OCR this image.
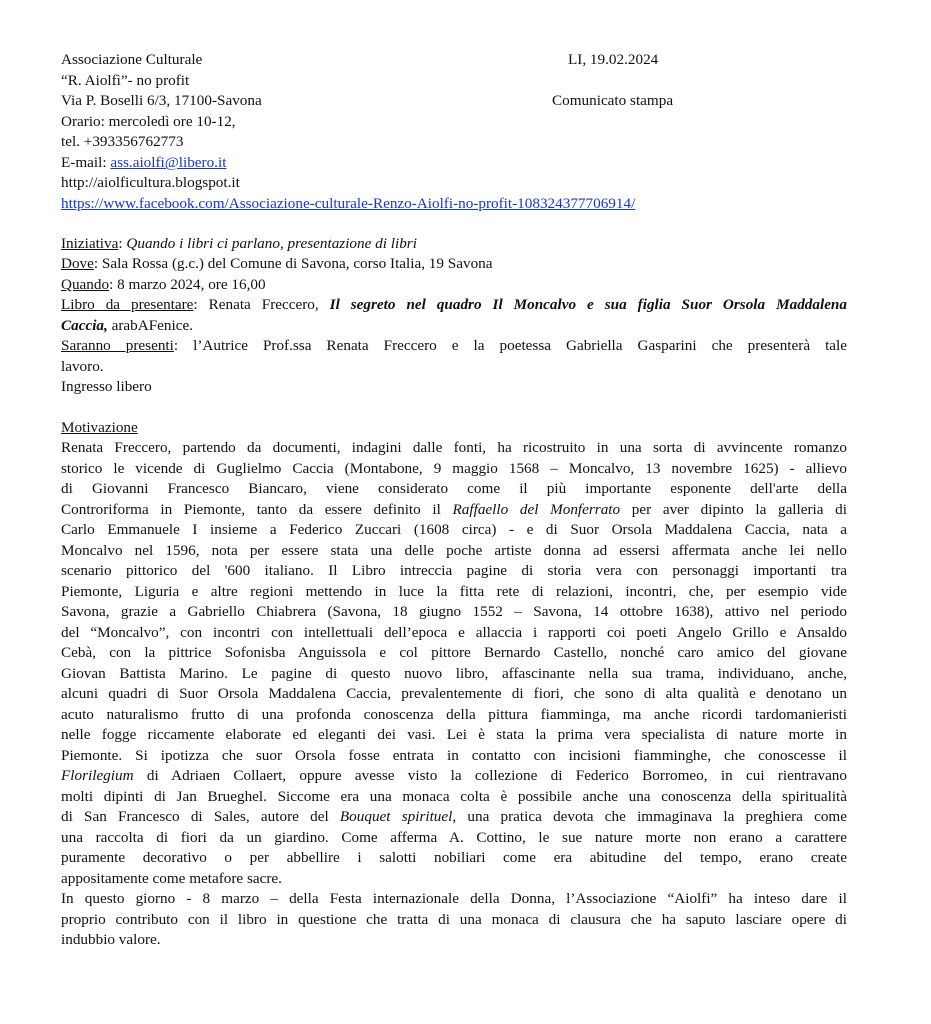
Associazione Culturale
“R. Aiolfì”- no profit
Via P. Boselli 6/3, 17100-Savona
Orario: mercoledì ore 10-12,
tel. +393356762773
E-mail: ass.aiolfi@libero.it
http://aiolficultura.blogspot.it
https://www.facebook.com/Associazione-culturale-Renzo-Aiolfi-no-profit-108324377706914/
LI, 19.02.2024
Comunicato stampa
Iniziativa: Quando i libri ci parlano, presentazione di libri
Dove: Sala Rossa (g.c.) del Comune di Savona, corso Italia, 19 Savona
Quando: 8 marzo 2024, ore 16,00
Libro da presentare: Renata Freccero, Il segreto nel quadro Il Moncalvo e sua figlia Suor Orsola Maddalena
Caccia, arabAFenice.
Saranno presenti: l’Autrice Prof.ssa Renata Freccero e la poetessa Gabriella Gasparini che presenterà tale
lavoro.
Ingresso libero
Motivazione
Renata Freccero, partendo da documenti, indagini dalle fonti, ha ricostruito in una sorta di avvincente romanzo
storico le vicende di Guglielmo Caccia (Montabone, 9 maggio 1568 – Moncalvo, 13 novembre 1625) - allievo
di Giovanni Francesco Biancaro, viene considerato come il più importante esponente dell'arte della
Controriforma in Piemonte, tanto da essere definito il Raffaello del Monferrato per aver dipinto la galleria di
Carlo Emmanuele I insieme a Federico Zuccari (1608 circa) - e di Suor Orsola Maddalena Caccia, nata a
Moncalvo nel 1596, nota per essere stata una delle poche artiste donna ad essersi affermata anche lei nello
scenario pittorico del '600 italiano. Il Libro intreccia pagine di storia vera con personaggi importanti tra
Piemonte, Liguria e altre regioni mettendo in luce la fitta rete di relazioni, incontri, che, per esempio vide
Savona, grazie a Gabriello Chiabrera (Savona, 18 giugno 1552 – Savona, 14 ottobre 1638), attivo nel periodo
del “Moncalvo”, con incontri con intellettuali dell’epoca e allaccia i rapporti coi poeti Angelo Grillo e Ansaldo
Cebà, con la pittrice Sofonisba Anguissola e col pittore Bernardo Castello, nonché caro amico del giovane
Giovan Battista Marino. Le pagine di questo nuovo libro, affascinante nella sua trama, individuano, anche,
alcuni quadri di Suor Orsola Maddalena Caccia, prevalentemente di fiori, che sono di alta qualità e denotano un
acuto naturalismo frutto di una profonda conoscenza della pittura fiamminga, ma anche ricordi tardomanieristi
nelle fogge riccamente elaborate ed eleganti dei vasi. Lei è stata la prima vera specialista di nature morte in
Piemonte. Si ipotizza che suor Orsola fosse entrata in contatto con incisioni fiamminghe, che conoscesse il
Florilegium di Adriaen Collaert, oppure avesse visto la collezione di Federico Borromeo, in cui rientravano
molti dipinti di Jan Brueghel. Siccome era una monaca colta è possibile anche una conoscenza della spiritualità
di San Francesco di Sales, autore del Bouquet spirituel, una pratica devota che immaginava la preghiera come
una raccolta di fiori da un giardino. Come afferma A. Cottino, le sue nature morte non erano a carattere
puramente decorativo o per abbellire i salotti nobiliari come era abitudine del tempo, erano create
appositamente come metafore sacre.
In questo giorno - 8 marzo – della Festa internazionale della Donna, l’Associazione “Aiolfi” ha inteso dare il
proprio contributo con il libro in questione che tratta di una monaca di clausura che ha saputo lasciare opere di
indubbio valore.
